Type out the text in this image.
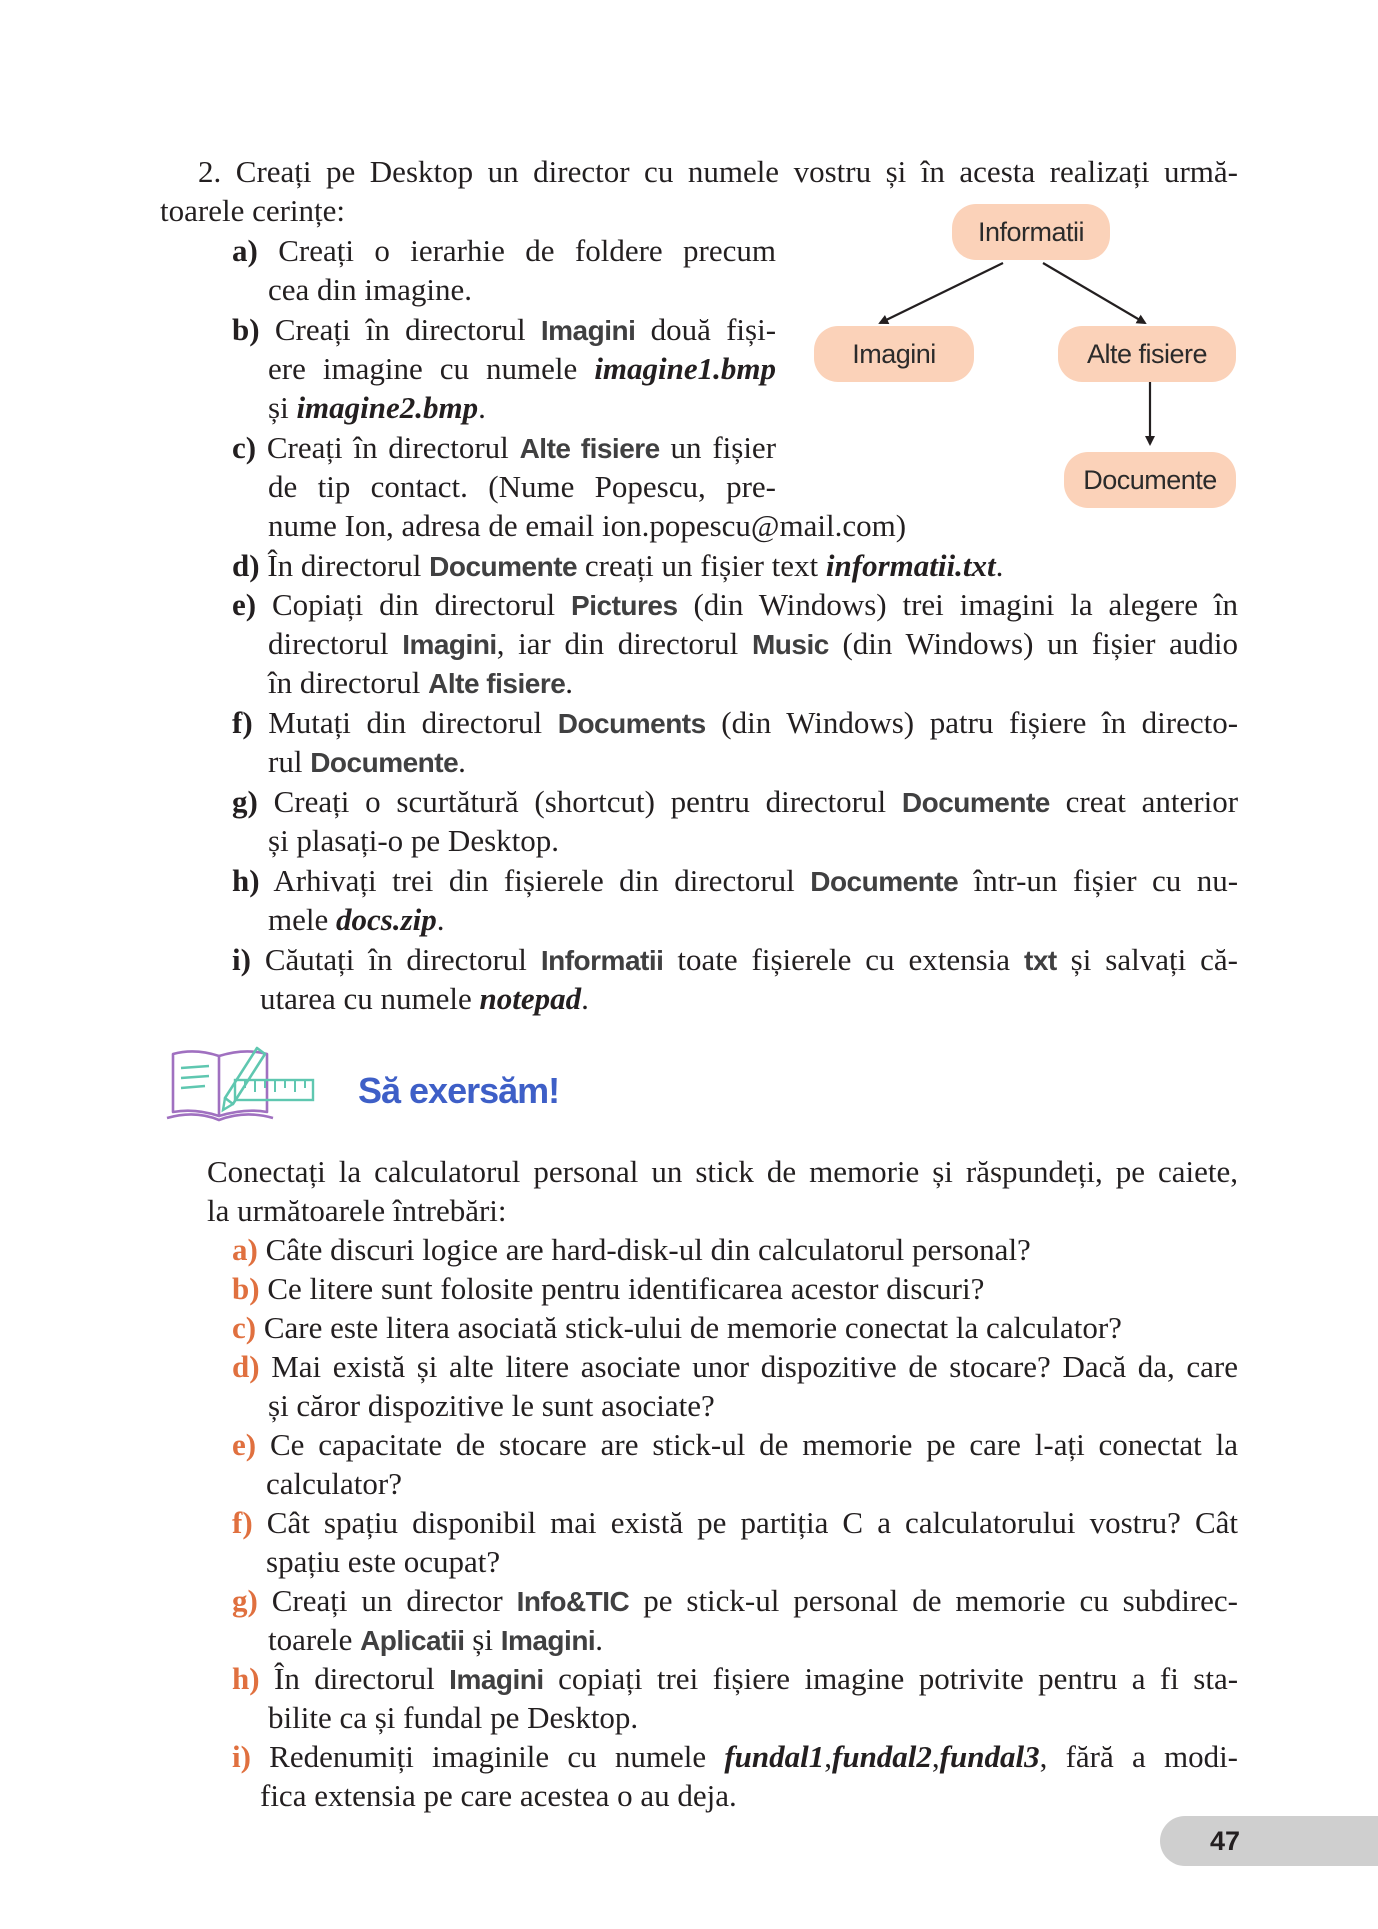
2. Creați pe Desktop un director cu numele vostru și în acesta realizați urmă-
toarele cerințe:
a) Creați o ierarhie de foldere precum
cea din imagine.
b) Creați în directorul Imagini două fiși-
ere imagine cu numele imagine1.bmp
și imagine2.bmp.
c) Creați în directorul Alte fisiere un fișier
de tip contact. (Nume Popescu, pre-
nume Ion, adresa de email ion.popescu@mail.com)
d) În directorul Documente creați un fișier text informatii.txt.
e) Copiați din directorul Pictures (din Windows) trei imagini la alegere în
directorul Imagini, iar din directorul Music (din Windows) un fișier audio
în directorul Alte fisiere.
f) Mutați din directorul Documents (din Windows) patru fișiere în directo-
rul Documente.
g) Creați o scurtătură (shortcut) pentru directorul Documente creat anterior
și plasați-o pe Desktop.
h) Arhivați trei din fișierele din directorul Documente într-un fișier cu nu-
mele docs.zip.
i) Căutați în directorul Informatii toate fișierele cu extensia txt și salvați că-
utarea cu numele notepad.
Informatii
Imagini	Alte fisiere
Documente
Să exersăm!
Conectați la calculatorul personal un stick de memorie și răspundeți, pe caiete,
la următoarele întrebări:
a) Câte discuri logice are hard-disk-ul din calculatorul personal?
b) Ce litere sunt folosite pentru identificarea acestor discuri?
c) Care este litera asociată stick-ului de memorie conectat la calculator?
d) Mai există și alte litere asociate unor dispozitive de stocare? Dacă da, care
și căror dispozitive le sunt asociate?
e) Ce capacitate de stocare are stick-ul de memorie pe care l-ați conectat la
calculator?
f) Cât spațiu disponibil mai există pe partiția C a calculatorului vostru? Cât
spațiu este ocupat?
g) Creați un director Info&TIC pe stick-ul personal de memorie cu subdirec-
toarele Aplicatii și Imagini.
h) În directorul Imagini copiați trei fișiere imagine potrivite pentru a fi sta-
bilite ca și fundal pe Desktop.
i) Redenumiți imaginile cu numele fundal1,fundal2,fundal3, fără a modi-
fica extensia pe care acestea o au deja.
47
